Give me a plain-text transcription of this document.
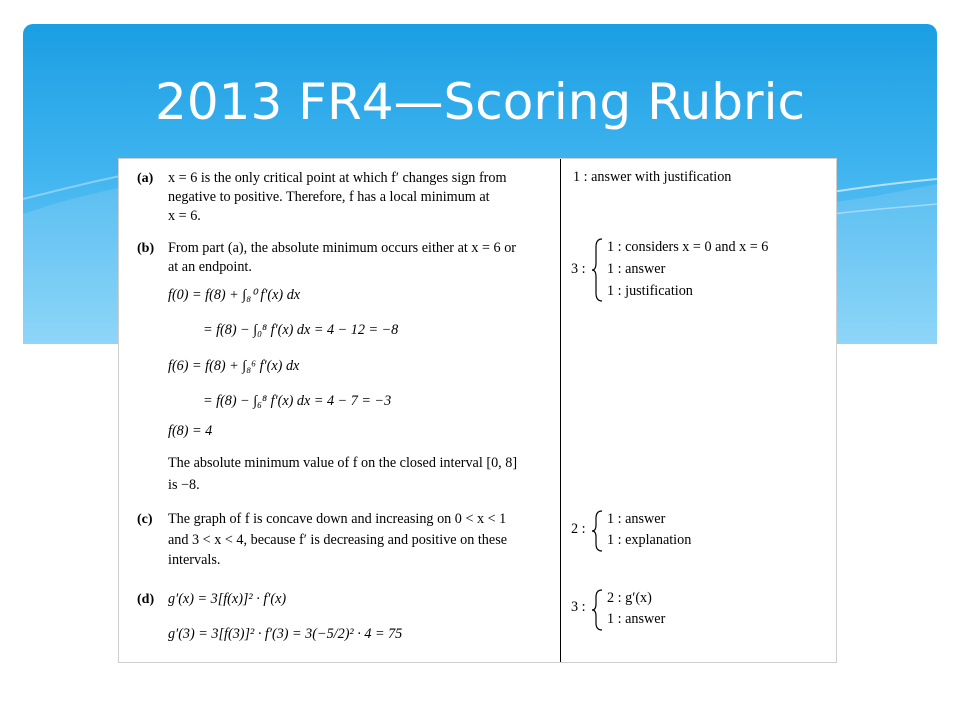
2013 FR4—Scoring Rubric
(a) x = 6 is the only critical point at which f′ changes sign from
negative to positive. Therefore, f has a local minimum at
x = 6.
1 : answer with justification
(b) From part (a), the absolute minimum occurs either at x = 6 or
at an endpoint.
f(0) = f(8) + ∫₈⁰ f′(x) dx
= f(8) − ∫₀⁸ f′(x) dx = 4 − 12 = −8
f(6) = f(8) + ∫₈⁶ f′(x) dx
= f(8) − ∫₆⁸ f′(x) dx = 4 − 7 = −3
f(8) = 4
The absolute minimum value of f on the closed interval [0, 8]
is −8.
3 :
1 : considers x = 0 and x = 6
1 : answer
1 : justification
(c) The graph of f is concave down and increasing on 0 < x < 1
and 3 < x < 4, because f′ is decreasing and positive on these
intervals.
2 :
1 : answer
1 : explanation
(d) g′(x) = 3[f(x)]² · f′(x)
g′(3) = 3[f(3)]² · f′(3) = 3(−5/2)² · 4 = 75
3 :
2 : g′(x)
1 : answer
